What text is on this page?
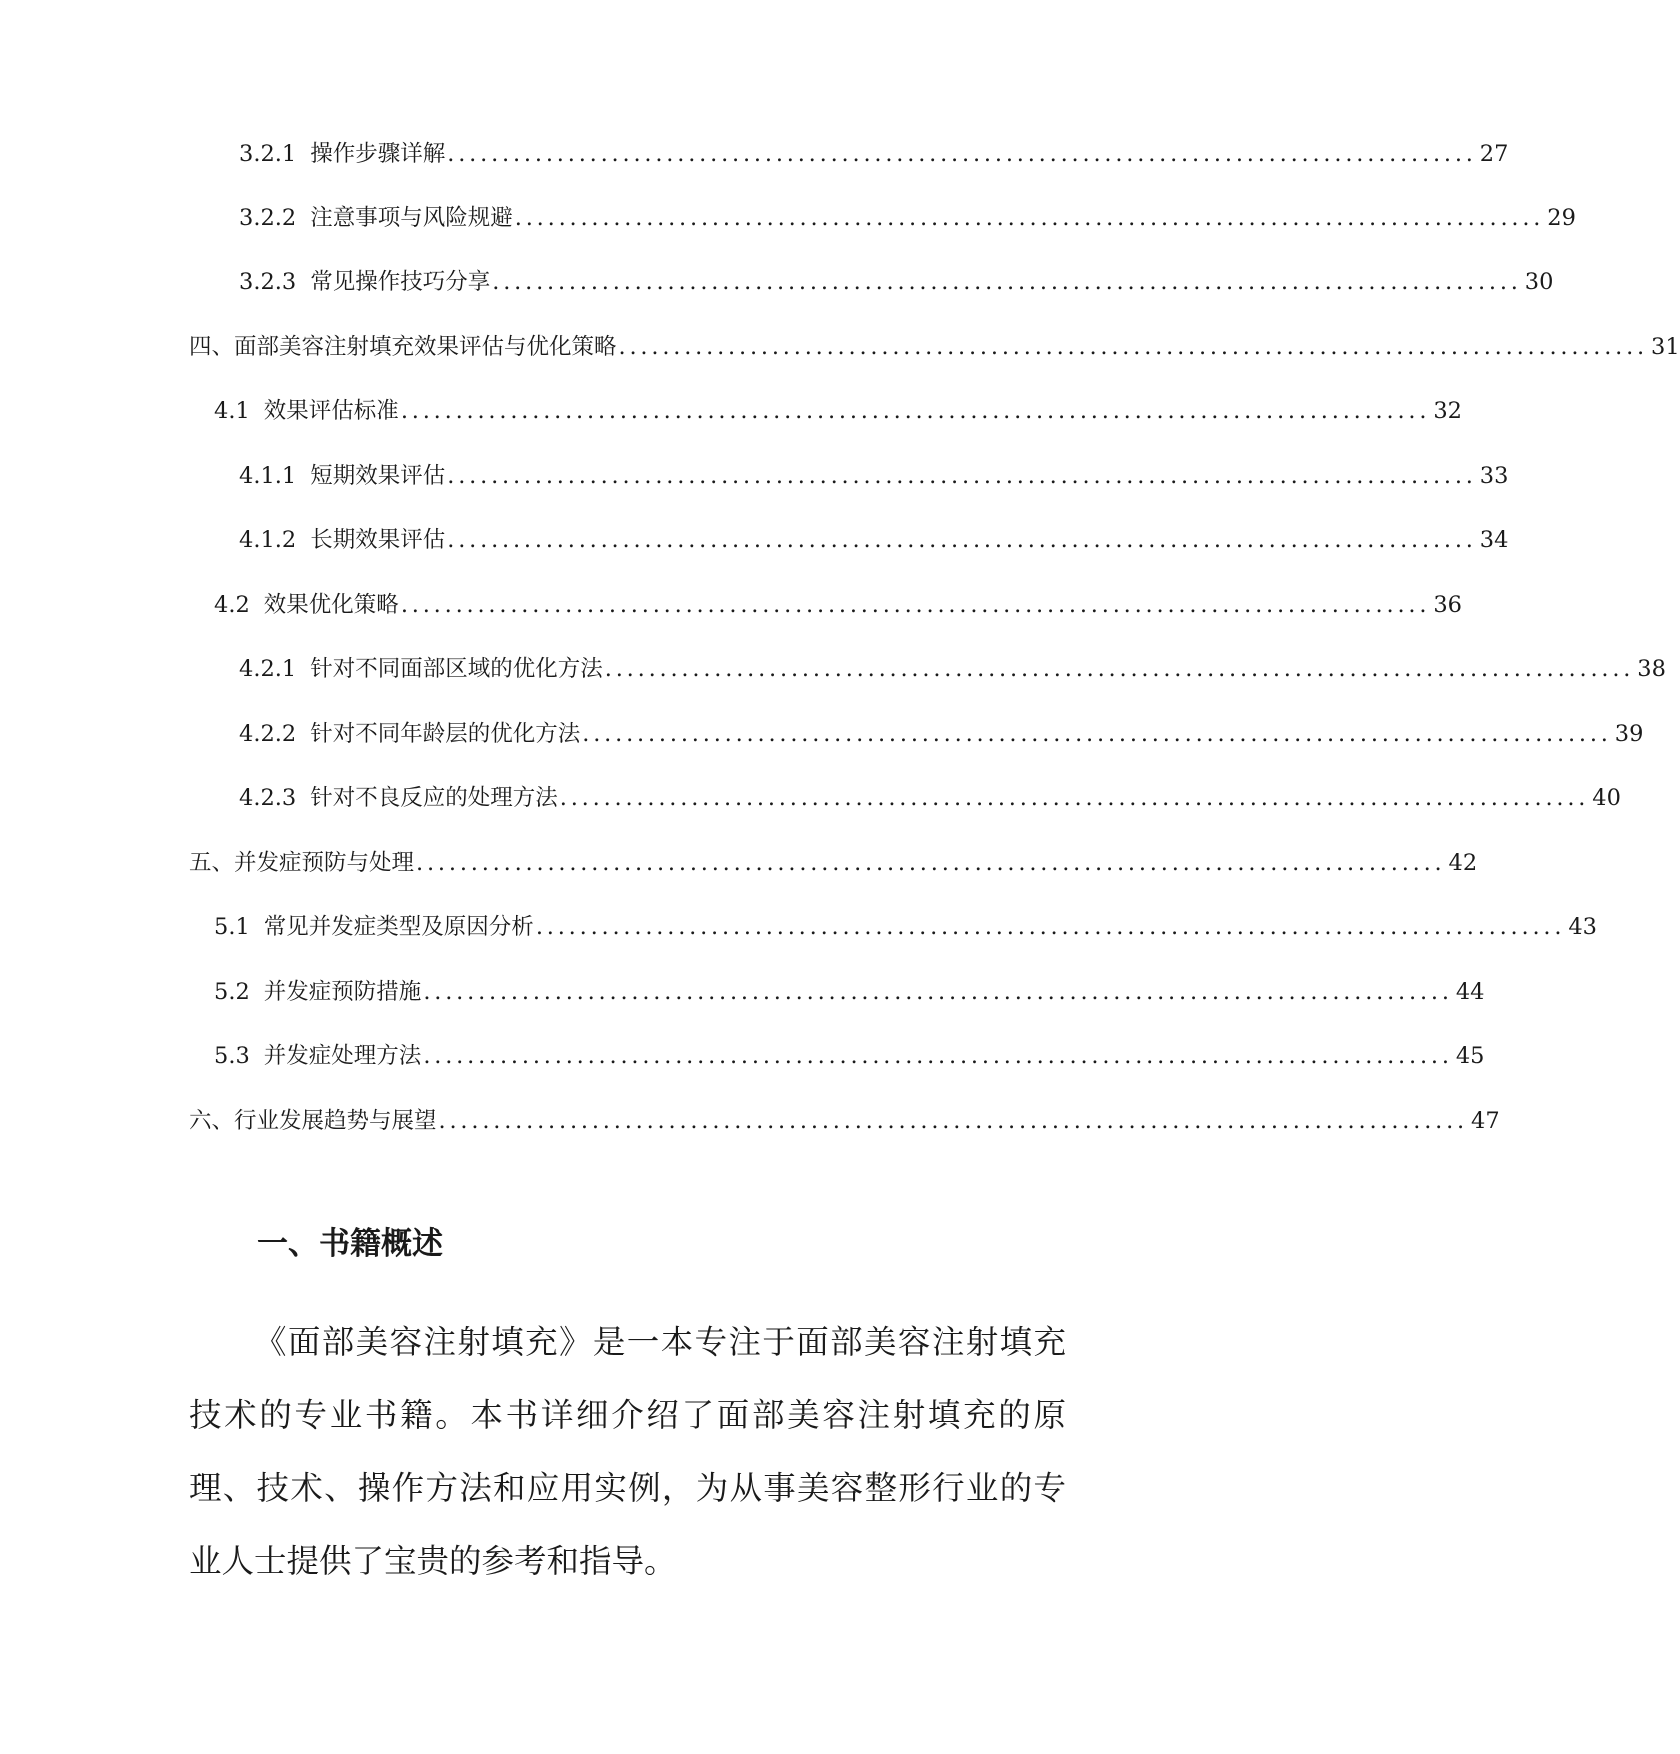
3.2.1 操作步骤详解 .............................................................................................. 27
3.2.2 注意事项与风险规避 .............................................................................................. 29
3.2.3 常见操作技巧分享 .............................................................................................. 30
四、面部美容注射填充效果评估与优化策略 .............................................................................................. 31
4.1 效果评估标准 .............................................................................................. 32
4.1.1 短期效果评估 .............................................................................................. 33
4.1.2 长期效果评估 .............................................................................................. 34
4.2 效果优化策略 .............................................................................................. 36
4.2.1 针对不同面部区域的优化方法 .............................................................................................. 38
4.2.2 针对不同年龄层的优化方法 .............................................................................................. 39
4.2.3 针对不良反应的处理方法 .............................................................................................. 40
五、并发症预防与处理 .............................................................................................. 42
5.1 常见并发症类型及原因分析 .............................................................................................. 43
5.2 并发症预防措施 .............................................................................................. 44
5.3 并发症处理方法 .............................................................................................. 45
六、行业发展趋势与展望 .............................................................................................. 47
一、书籍概述

《面部美容注射填充》是一本专注于面部美容注射填充技术的专业书籍。本书详细介绍了面部美容注射填充的原理、技术、操作方法和应用实例，为从事美容整形行业的专业人士提供了宝贵的参考和指导。
